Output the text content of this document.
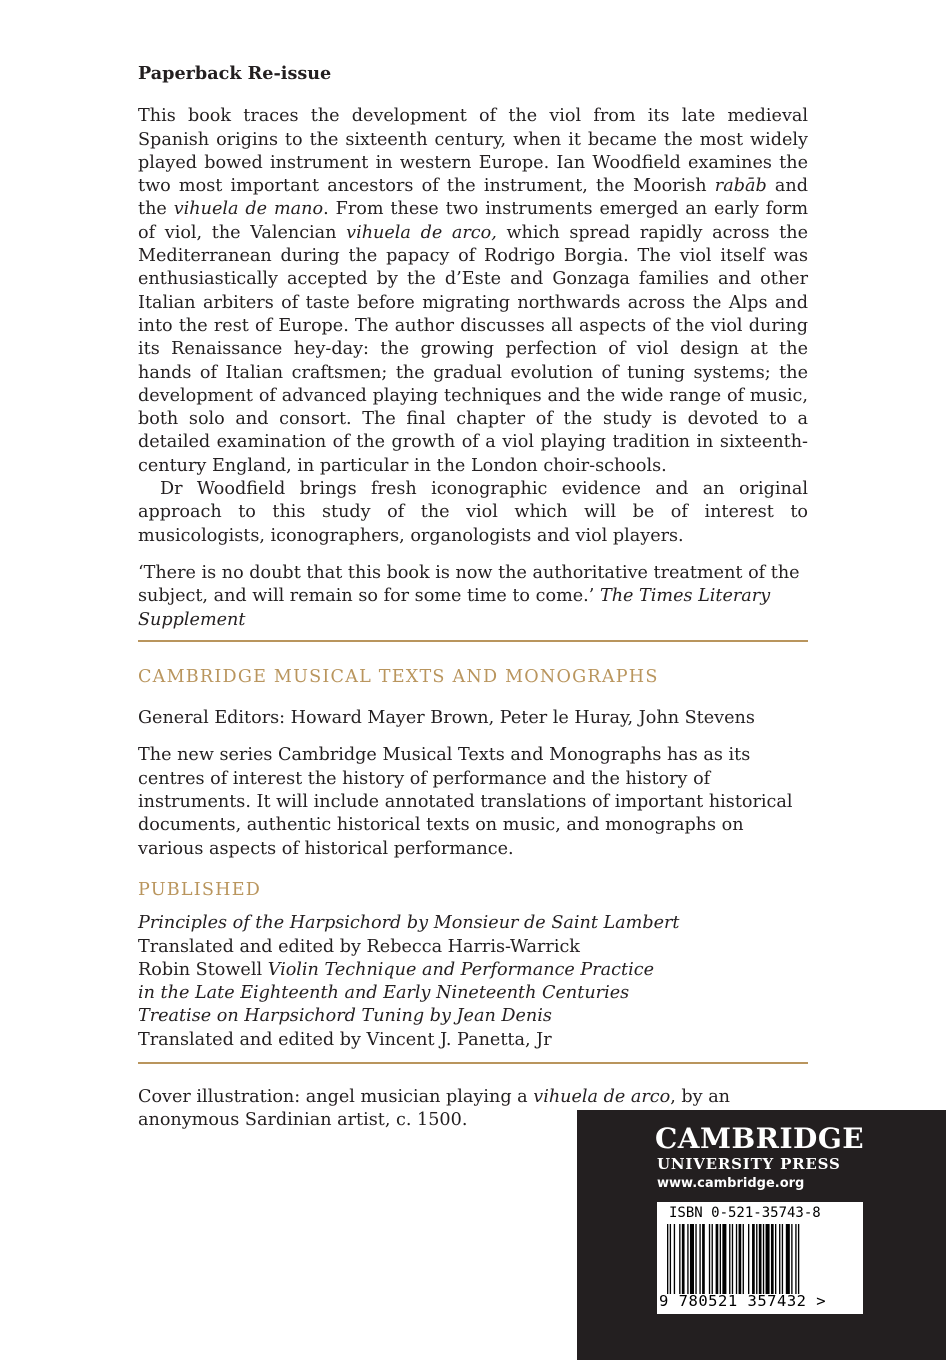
Paperback Re-issue

This book traces the development of the viol from its late medieval Spanish origins to the sixteenth century, when it became the most widely played bowed instrument in western Europe. Ian Woodfield examines the two most important ancestors of the instrument, the Moorish rabāb and the vihuela de mano. From these two instruments emerged an early form of viol, the Valencian vihuela de arco, which spread rapidly across the Mediterranean during the papacy of Rodrigo Borgia. The viol itself was enthusiastically accepted by the d’Este and Gonzaga families and other Italian arbiters of taste before migrating northwards across the Alps and into the rest of Europe. The author discusses all aspects of the viol during its Renaissance hey-day: the growing perfection of viol design at the hands of Italian craftsmen; the gradual evolution of tuning systems; the development of advanced playing techniques and the wide range of music, both solo and consort. The final chapter of the study is devoted to a detailed examination of the growth of a viol playing tradition in sixteenth-century England, in particular in the London choir-schools.

Dr Woodfield brings fresh iconographic evidence and an original approach to this study of the viol which will be of interest to musicologists, iconographers, organologists and viol players.

‘There is no doubt that this book is now the authoritative treatment of the subject, and will remain so for some time to come.’ The Times Literary Supplement

CAMBRIDGE MUSICAL TEXTS AND MONOGRAPHS

General Editors: Howard Mayer Brown, Peter le Huray, John Stevens

The new series Cambridge Musical Texts and Monographs has as its centres of interest the history of performance and the history of instruments. It will include annotated translations of important historical documents, authentic historical texts on music, and monographs on various aspects of historical performance.

PUBLISHED

Principles of the Harpsichord by Monsieur de Saint Lambert
Translated and edited by Rebecca Harris-Warrick
Robin Stowell Violin Technique and Performance Practice
in the Late Eighteenth and Early Nineteenth Centuries
Treatise on Harpsichord Tuning by Jean Denis
Translated and edited by Vincent J. Panetta, Jr

Cover illustration: angel musician playing a vihuela de arco, by an anonymous Sardinian artist, c. 1500.

CAMBRIDGE
UNIVERSITY PRESS
www.cambridge.org
ISBN 0-521-35743-8
9 780521 357432 >
